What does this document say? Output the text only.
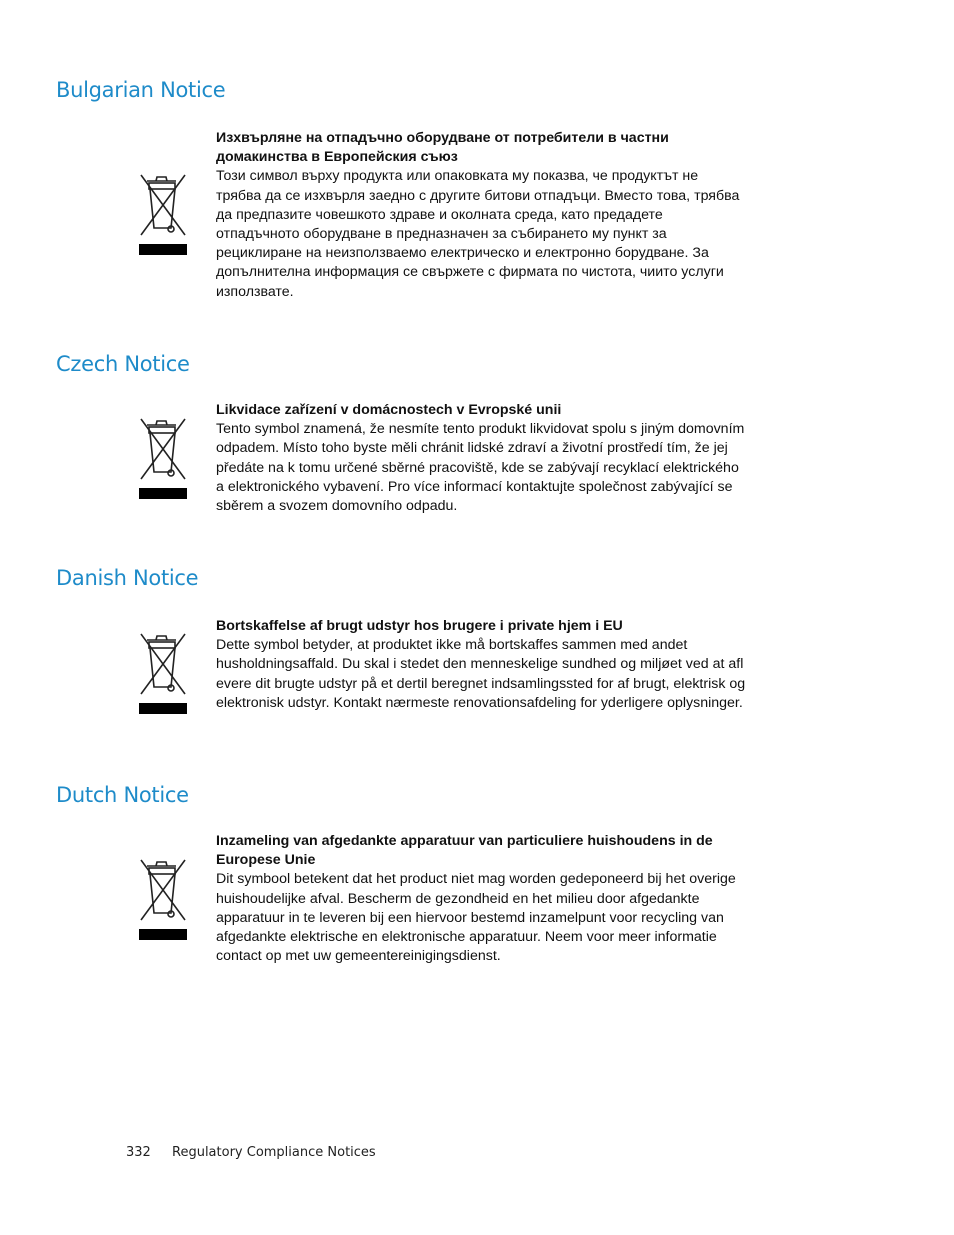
Bulgarian Notice

Изхвърляне на отпадъчно оборудване от потребители в частни домакинства в Европейския съюз

Този символ върху продукта или опаковката му показва, че продуктът не трябва да се изхвърля заедно с другите битови отпадъци. Вместо това, трябва да предпазите човешкото здраве и околната среда, като предадете отпадъчното оборудване в предназначен за събирането му пункт за рециклиране на неизползваемо електрическо и електронно борудване. За допълнителна информация се свържете с фирмата по чистота, чиито услуги използвате.

Czech Notice

Likvidace zařízení v domácnostech v Evropské unii

Tento symbol znamená, že nesmíte tento produkt likvidovat spolu s jiným domovním odpadem. Místo toho byste měli chránit lidské zdraví a životní prostředí tím, že jej předáte na k tomu určené sběrné pracoviště, kde se zabývají recyklací elektrického a elektronického vybavení. Pro více informací kontaktujte společnost zabývající se sběrem a svozem domovního odpadu.

Danish Notice

Bortskaffelse af brugt udstyr hos brugere i private hjem i EU

Dette symbol betyder, at produktet ikke må bortskaffes sammen med andet husholdningsaffald. Du skal i stedet den menneskelige sundhed og miljøet ved at afl evere dit brugte udstyr på et dertil beregnet indsamlingssted for af brugt, elektrisk og elektronisk udstyr. Kontakt nærmeste renovationsafdeling for yderligere oplysninger.

Dutch Notice

Inzameling van afgedankte apparatuur van particuliere huishoudens in de Europese Unie

Dit symbool betekent dat het product niet mag worden gedeponeerd bij het overige huishoudelijke afval. Bescherm de gezondheid en het milieu door afgedankte apparatuur in te leveren bij een hiervoor bestemd inzamelpunt voor recycling van afgedankte elektrische en elektronische apparatuur. Neem voor meer informatie contact op met uw gemeentereinigingsdienst.

332 Regulatory Compliance Notices
